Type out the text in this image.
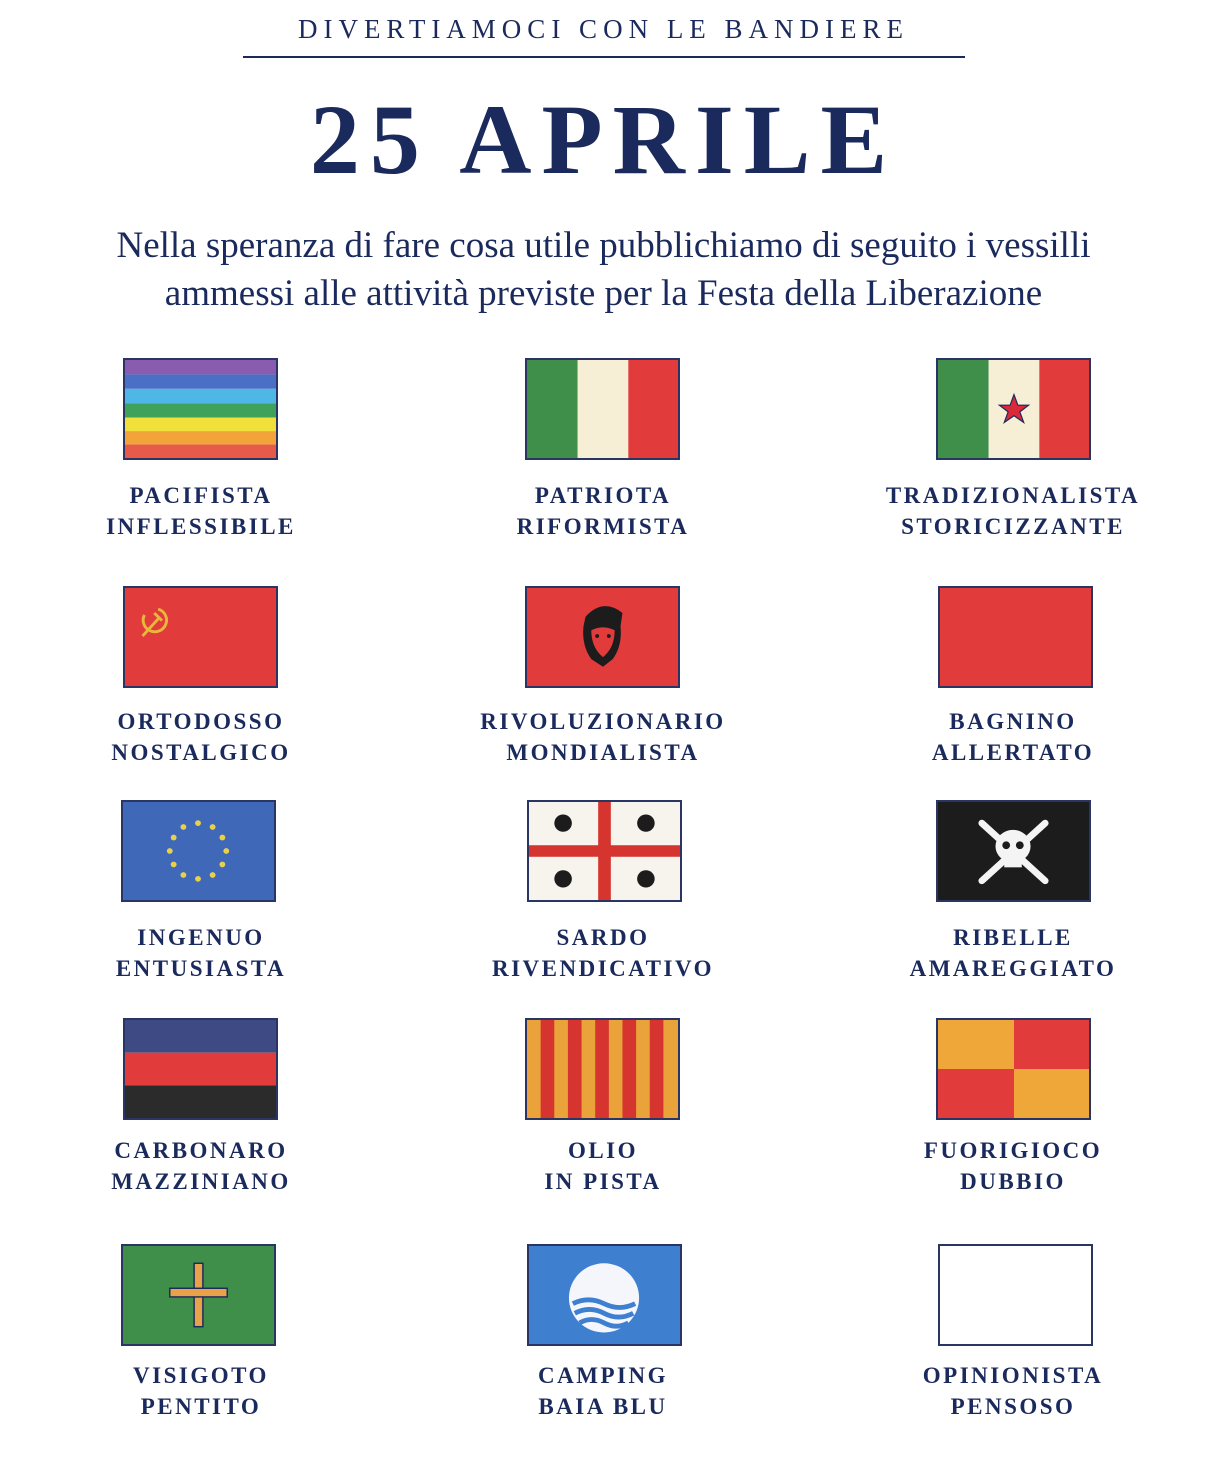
DIVERTIAMOCI CON LE BANDIERE
25 APRILE
Nella speranza di fare cosa utile pubblichiamo di seguito i vessilli
ammessi alle attività previste per la Festa della Liberazione
PACIFISTA
INFLESSIBILE
PATRIOTA
RIFORMISTA
TRADIZIONALISTA
STORICIZZANTE
ORTODOSSO
NOSTALGICO
RIVOLUZIONARIO
MONDIALISTA
BAGNINO
ALLERTATO
INGENUO
ENTUSIASTA
SARDO
RIVENDICATIVO
RIBELLE
AMAREGGIATO
CARBONARO
MAZZINIANO
OLIO
IN PISTA
FUORIGIOCO
DUBBIO
VISIGOTO
PENTITO
CAMPING
BAIA BLU
OPINIONISTA
PENSOSO
